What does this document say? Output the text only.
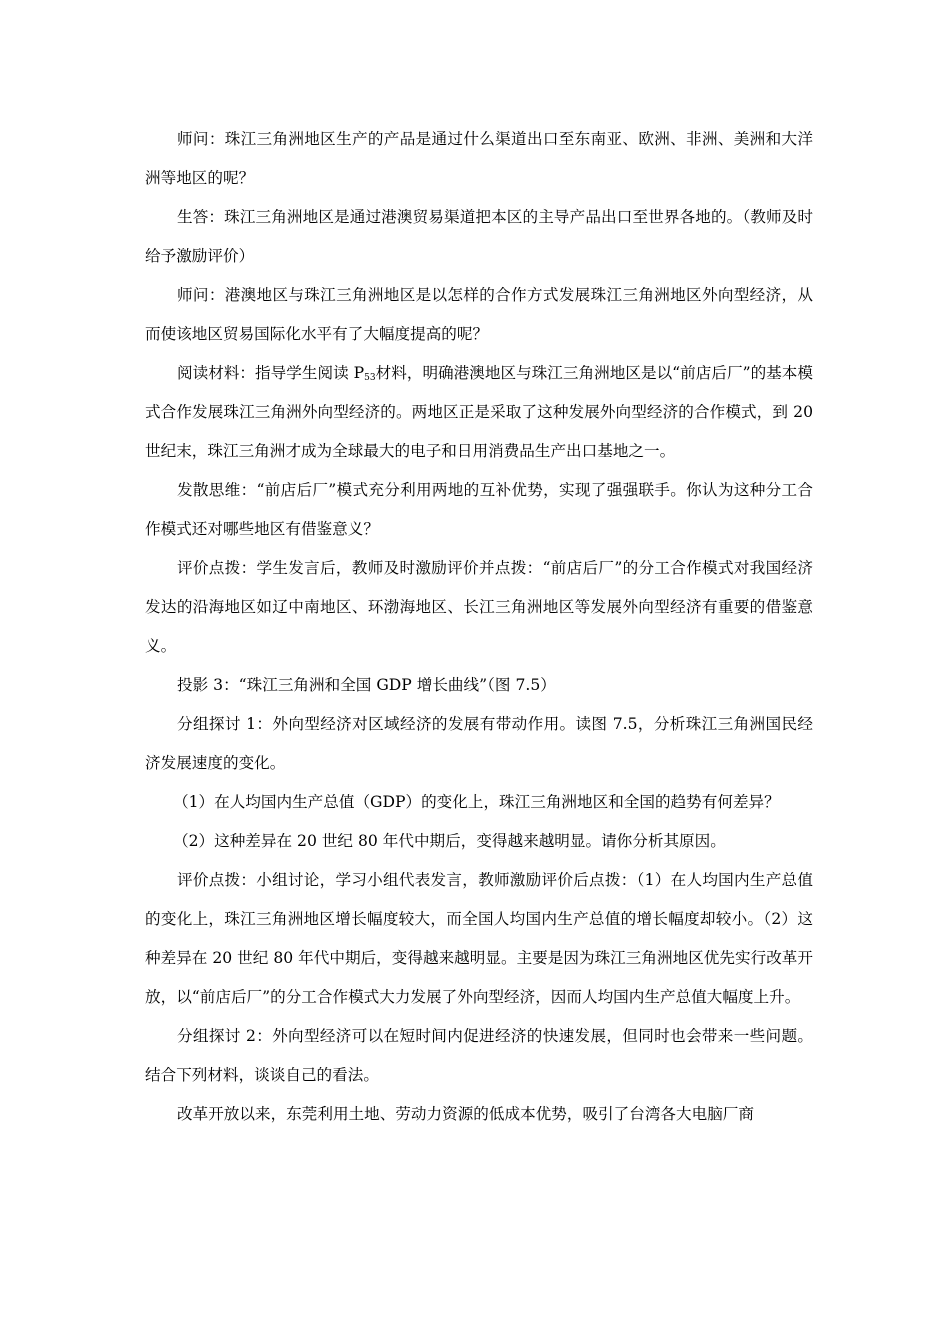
师问：珠江三角洲地区生产的产品是通过什么渠道出口至东南亚、欧洲、非洲、美洲和大洋洲等地区的呢？

生答：珠江三角洲地区是通过港澳贸易渠道把本区的主导产品出口至世界各地的。（教师及时给予激励评价）

师问：港澳地区与珠江三角洲地区是以怎样的合作方式发展珠江三角洲地区外向型经济，从而使该地区贸易国际化水平有了大幅度提高的呢？

阅读材料：指导学生阅读 $P_{53}$材料，明确港澳地区与珠江三角洲地区是以“前店后厂”的基本模式合作发展珠江三角洲外向型经济的。两地区正是采取了这种发展外向型经济的合作模式，到 20 世纪末，珠江三角洲才成为全球最大的电子和日用消费品生产出口基地之一。

发散思维：“前店后厂”模式充分利用两地的互补优势，实现了强强联手。你认为这种分工合作模式还对哪些地区有借鉴意义？

评价点拨：学生发言后，教师及时激励评价并点拨：“前店后厂”的分工合作模式对我国经济发达的沿海地区如辽中南地区、环渤海地区、长江三角洲地区等发展外向型经济有重要的借鉴意义。

投影 3：“珠江三角洲和全国 GDP 增长曲线”（图 7.5）

分组探讨 1：外向型经济对区域经济的发展有带动作用。读图 7.5，分析珠江三角洲国民经济发展速度的变化。

（1）在人均国内生产总值（GDP）的变化上，珠江三角洲地区和全国的趋势有何差异？

（2）这种差异在 20 世纪 80 年代中期后，变得越来越明显。请你分析其原因。

评价点拨：小组讨论，学习小组代表发言，教师激励评价后点拨：（1）在人均国内生产总值的变化上，珠江三角洲地区增长幅度较大，而全国人均国内生产总值的增长幅度却较小。（2）这种差异在 20 世纪 80 年代中期后，变得越来越明显。主要是因为珠江三角洲地区优先实行改革开放，以“前店后厂”的分工合作模式大力发展了外向型经济，因而人均国内生产总值大幅度上升。

分组探讨 2：外向型经济可以在短时间内促进经济的快速发展，但同时也会带来一些问题。结合下列材料，谈谈自己的看法。

改革开放以来，东莞利用土地、劳动力资源的低成本优势，吸引了台湾各大电脑厂商
